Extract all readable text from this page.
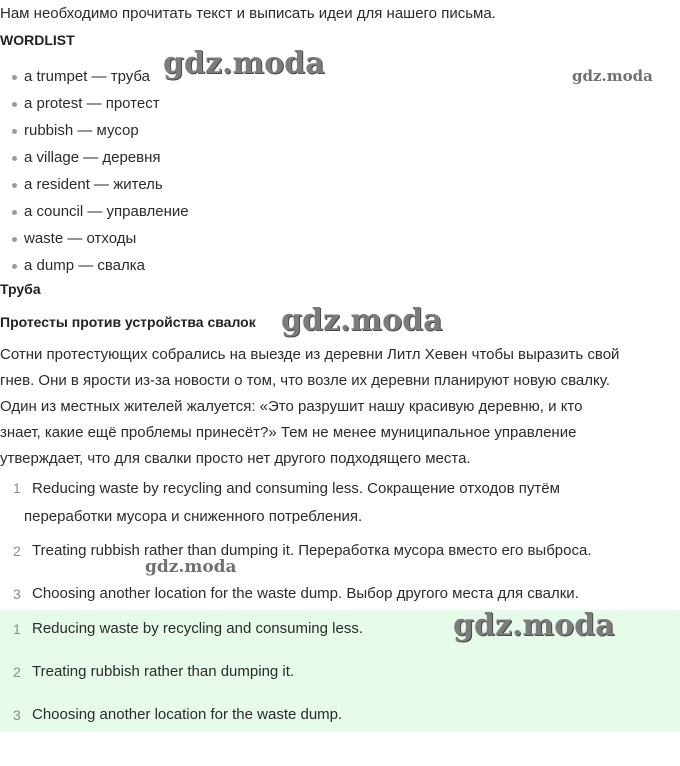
Нам необходимо прочитать текст и выписать идеи для нашего письма.
WORDLIST
a trumpet — труба
a protest — протест
rubbish — мусор
a village — деревня
a resident — житель
a council — управление
waste — отходы
a dump — свалка
Труба
Протесты против устройства свалок
Сотни протестующих собрались на выезде из деревни Литл Хевен чтобы выразить свой
гнев. Они в ярости из-за новости о том, что возле их деревни планируют новую свалку.
Один из местных жителей жалуется: «Это разрушит нашу красивую деревню, и кто
знает, какие ещё проблемы принесёт?» Тем не менее муниципальное управление
утверждает, что для свалки просто нет другого подходящего места.
1 Reducing waste by recycling and consuming less. Сокращение отходов путём
переработки мусора и сниженного потребления.
2 Treating rubbish rather than dumping it. Переработка мусора вместо его выброса.
3 Choosing another location for the waste dump. Выбор другого места для свалки.
1 Reducing waste by recycling and consuming less.
2 Treating rubbish rather than dumping it.
3 Choosing another location for the waste dump.
gdz.moda	gdz.moda
gdz.moda
gdz.moda
gdz.moda
